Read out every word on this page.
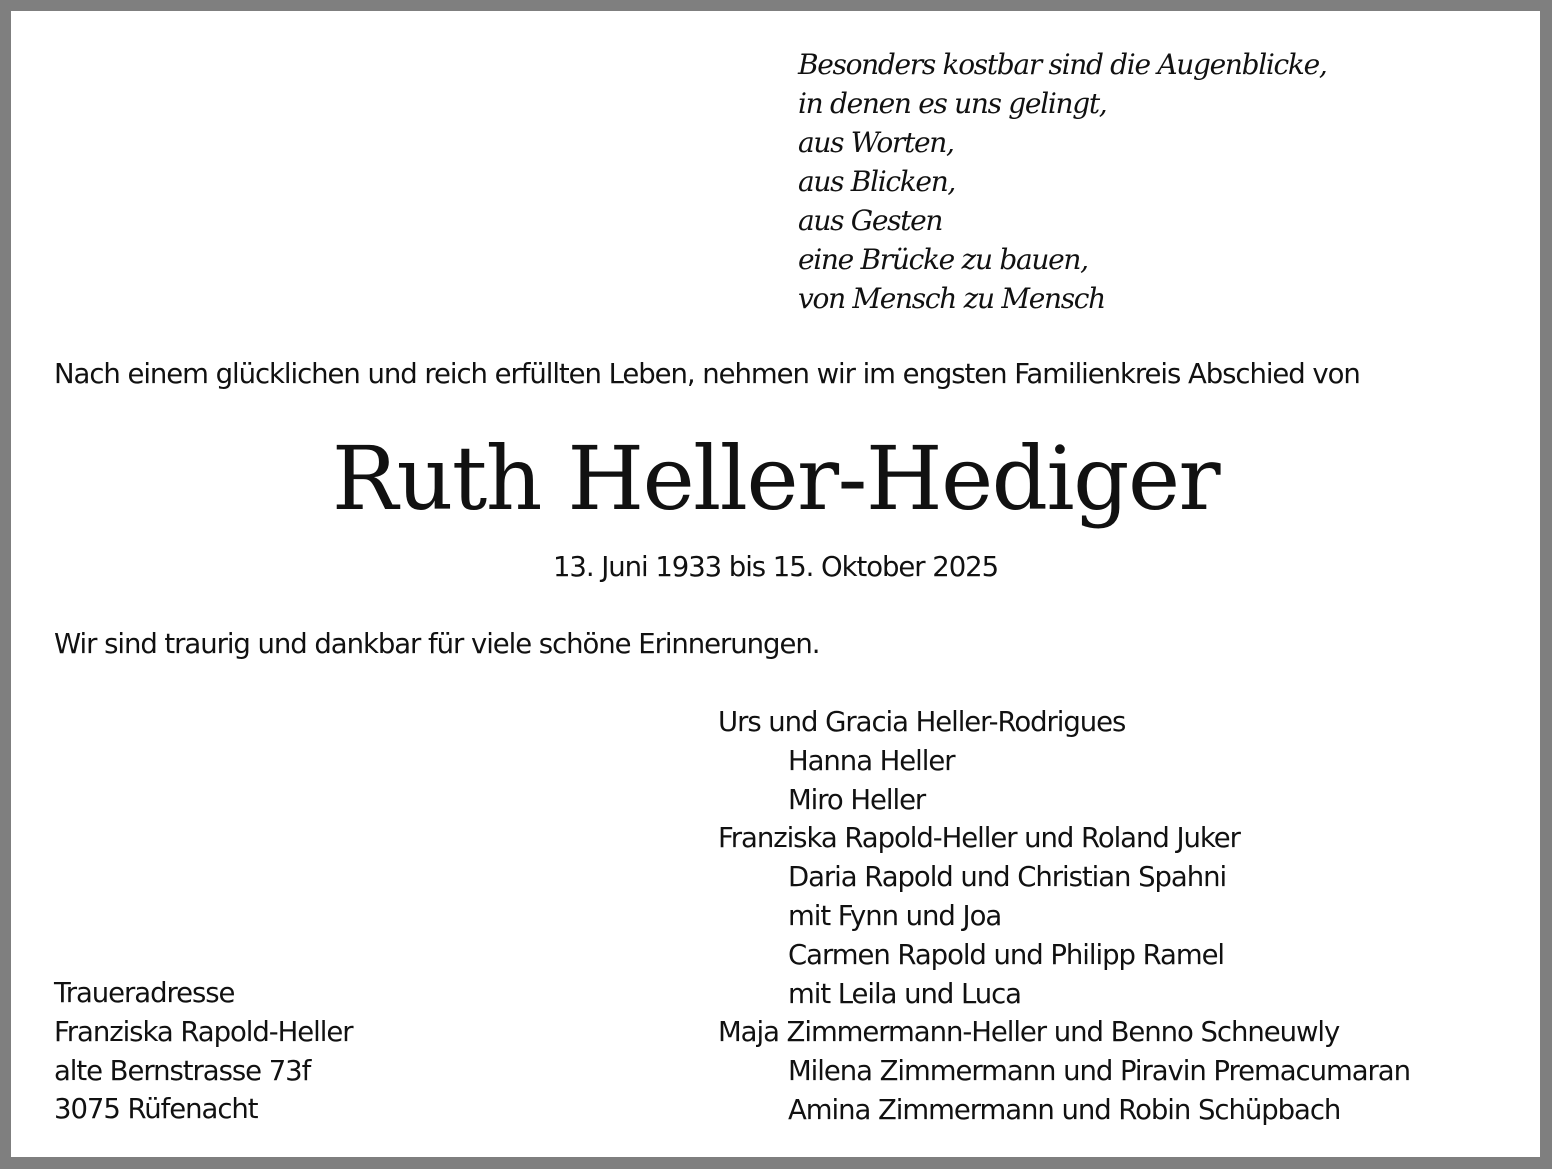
Besonders kostbar sind die Augenblicke,
in denen es uns gelingt,
aus Worten,
aus Blicken,
aus Gesten
eine Brücke zu bauen,
von Mensch zu Mensch
Nach einem glücklichen und reich erfüllten Leben, nehmen wir im engsten Familienkreis Abschied von
Ruth Heller-Hediger
13. Juni 1933 bis 15. Oktober 2025
Wir sind traurig und dankbar für viele schöne Erinnerungen.
Urs und Gracia Heller-Rodrigues
Hanna Heller
Miro Heller
Franziska Rapold-Heller und Roland Juker
Daria Rapold und Christian Spahni
mit Fynn und Joa
Carmen Rapold und Philipp Ramel
mit Leila und Luca
Maja Zimmermann-Heller und Benno Schneuwly
Milena Zimmermann und Piravin Premacumaran
Amina Zimmermann und Robin Schüpbach
Traueradresse
Franziska Rapold-Heller
alte Bernstrasse 73f
3075 Rüfenacht
